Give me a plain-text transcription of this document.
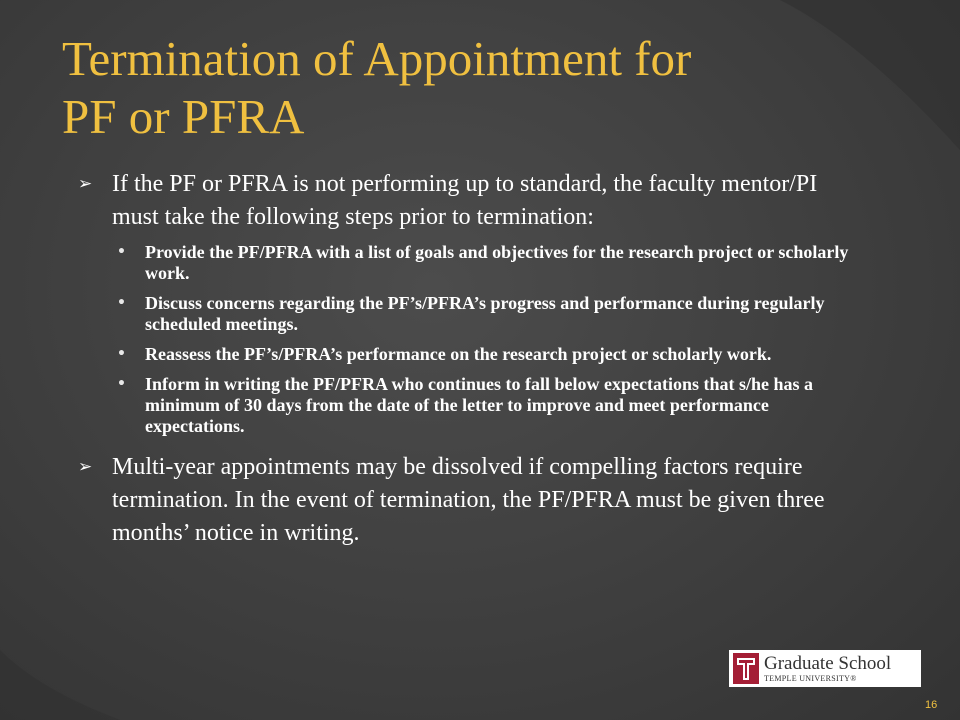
Termination of Appointment for
PF or PFRA

➢ If the PF or PFRA is not performing up to standard, the faculty mentor/PI must take the following steps prior to termination:

• Provide the PF/PFRA with a list of goals and objectives for the research project or scholarly work.

• Discuss concerns regarding the PF’s/PFRA’s progress and performance during regularly scheduled meetings.

• Reassess the PF’s/PFRA’s performance on the research project or scholarly work.

• Inform in writing the PF/PFRA who continues to fall below expectations that s/he has a minimum of 30 days from the date of the letter to improve and meet performance expectations.

➢ Multi-year appointments may be dissolved if compelling factors require termination. In the event of termination, the PF/PFRA must be given three months’ notice in writing.

Graduate School
TEMPLE UNIVERSITY®
16
